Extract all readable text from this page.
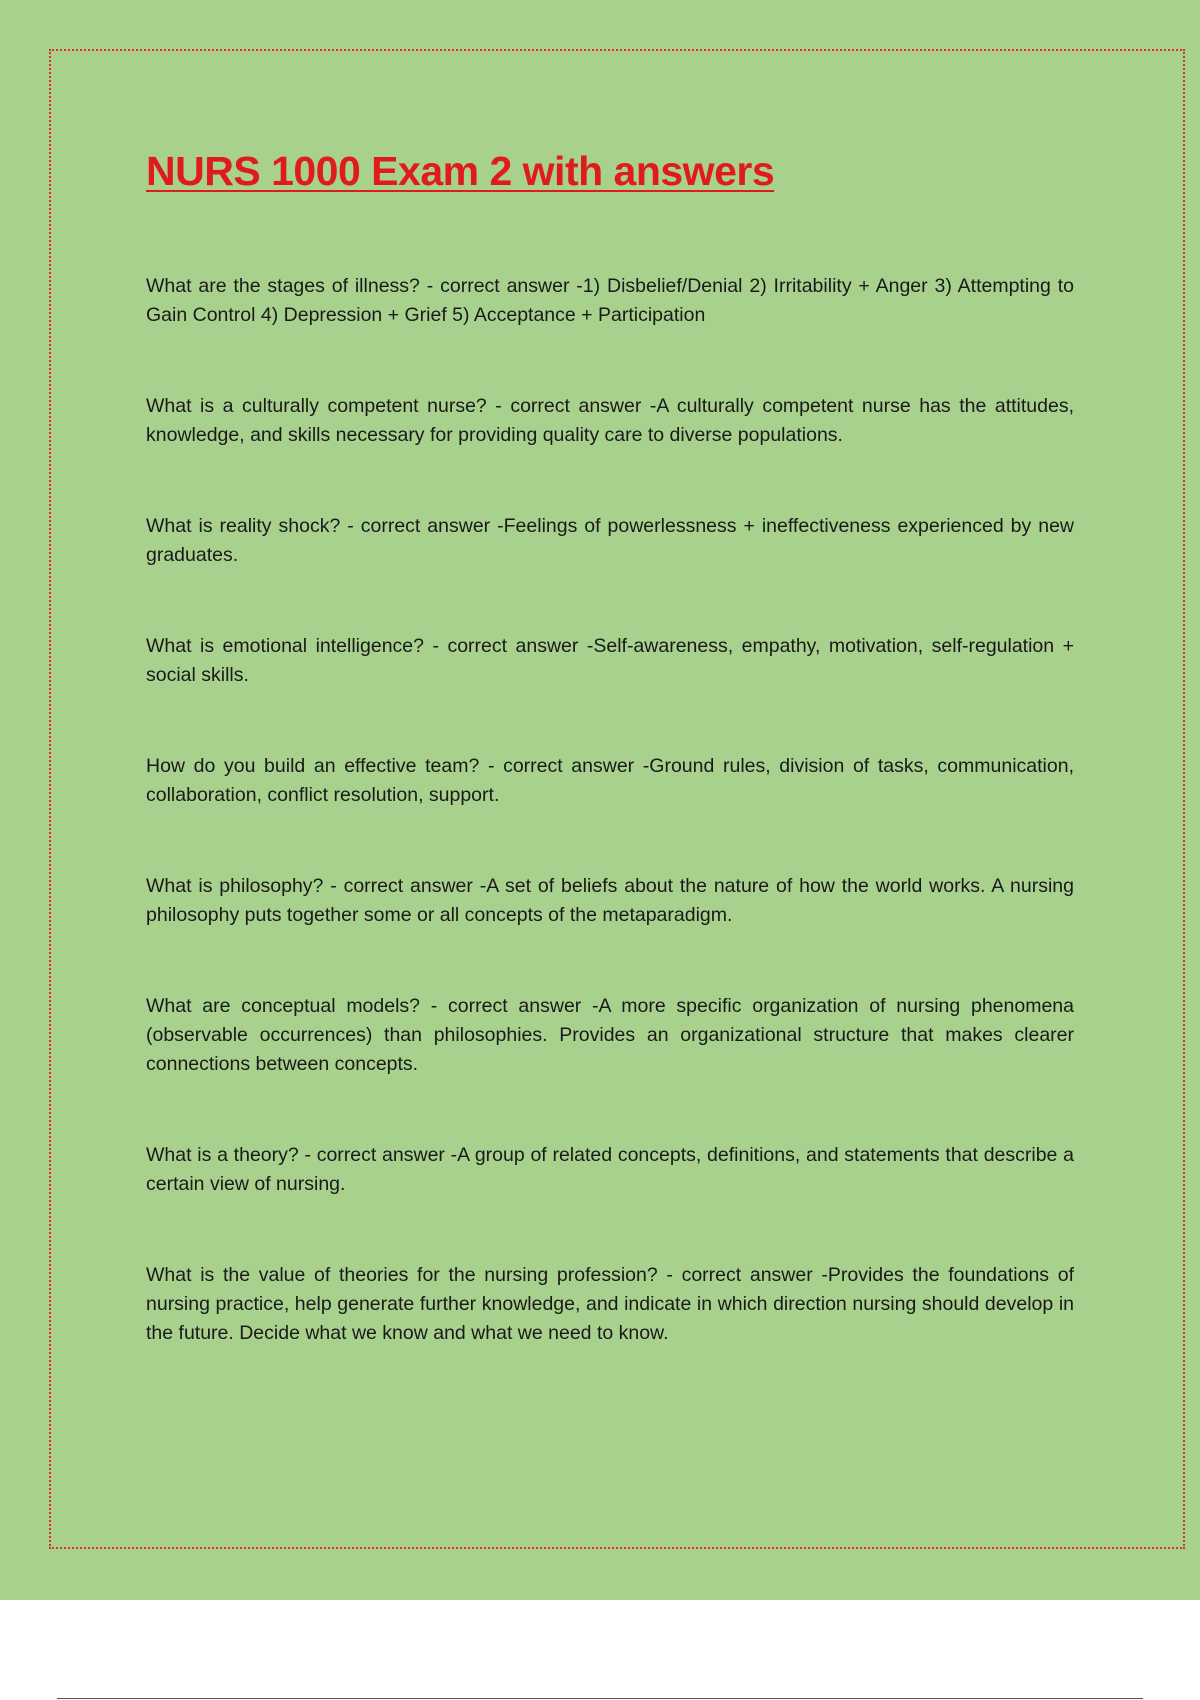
NURS 1000 Exam 2 with answers

What are the stages of illness? - correct answer -1) Disbelief/Denial 2) Irritability + Anger 3) Attempting to Gain Control 4) Depression + Grief 5) Acceptance + Participation

What is a culturally competent nurse? - correct answer -A culturally competent nurse has the attitudes, knowledge, and skills necessary for providing quality care to diverse populations.

What is reality shock? - correct answer -Feelings of powerlessness + ineffectiveness experienced by new graduates.

What is emotional intelligence? - correct answer -Self-awareness, empathy, motivation, self-regulation + social skills.

How do you build an effective team? - correct answer -Ground rules, division of tasks, communication, collaboration, conflict resolution, support.

What is philosophy? - correct answer -A set of beliefs about the nature of how the world works. A nursing philosophy puts together some or all concepts of the metaparadigm.

What are conceptual models? - correct answer -A more specific organization of nursing phenomena (observable occurrences) than philosophies. Provides an organizational structure that makes clearer connections between concepts.

What is a theory? - correct answer -A group of related concepts, definitions, and statements that describe a certain view of nursing.

What is the value of theories for the nursing profession? - correct answer -Provides the foundations of nursing practice, help generate further knowledge, and indicate in which direction nursing should develop in the future. Decide what we know and what we need to know.
